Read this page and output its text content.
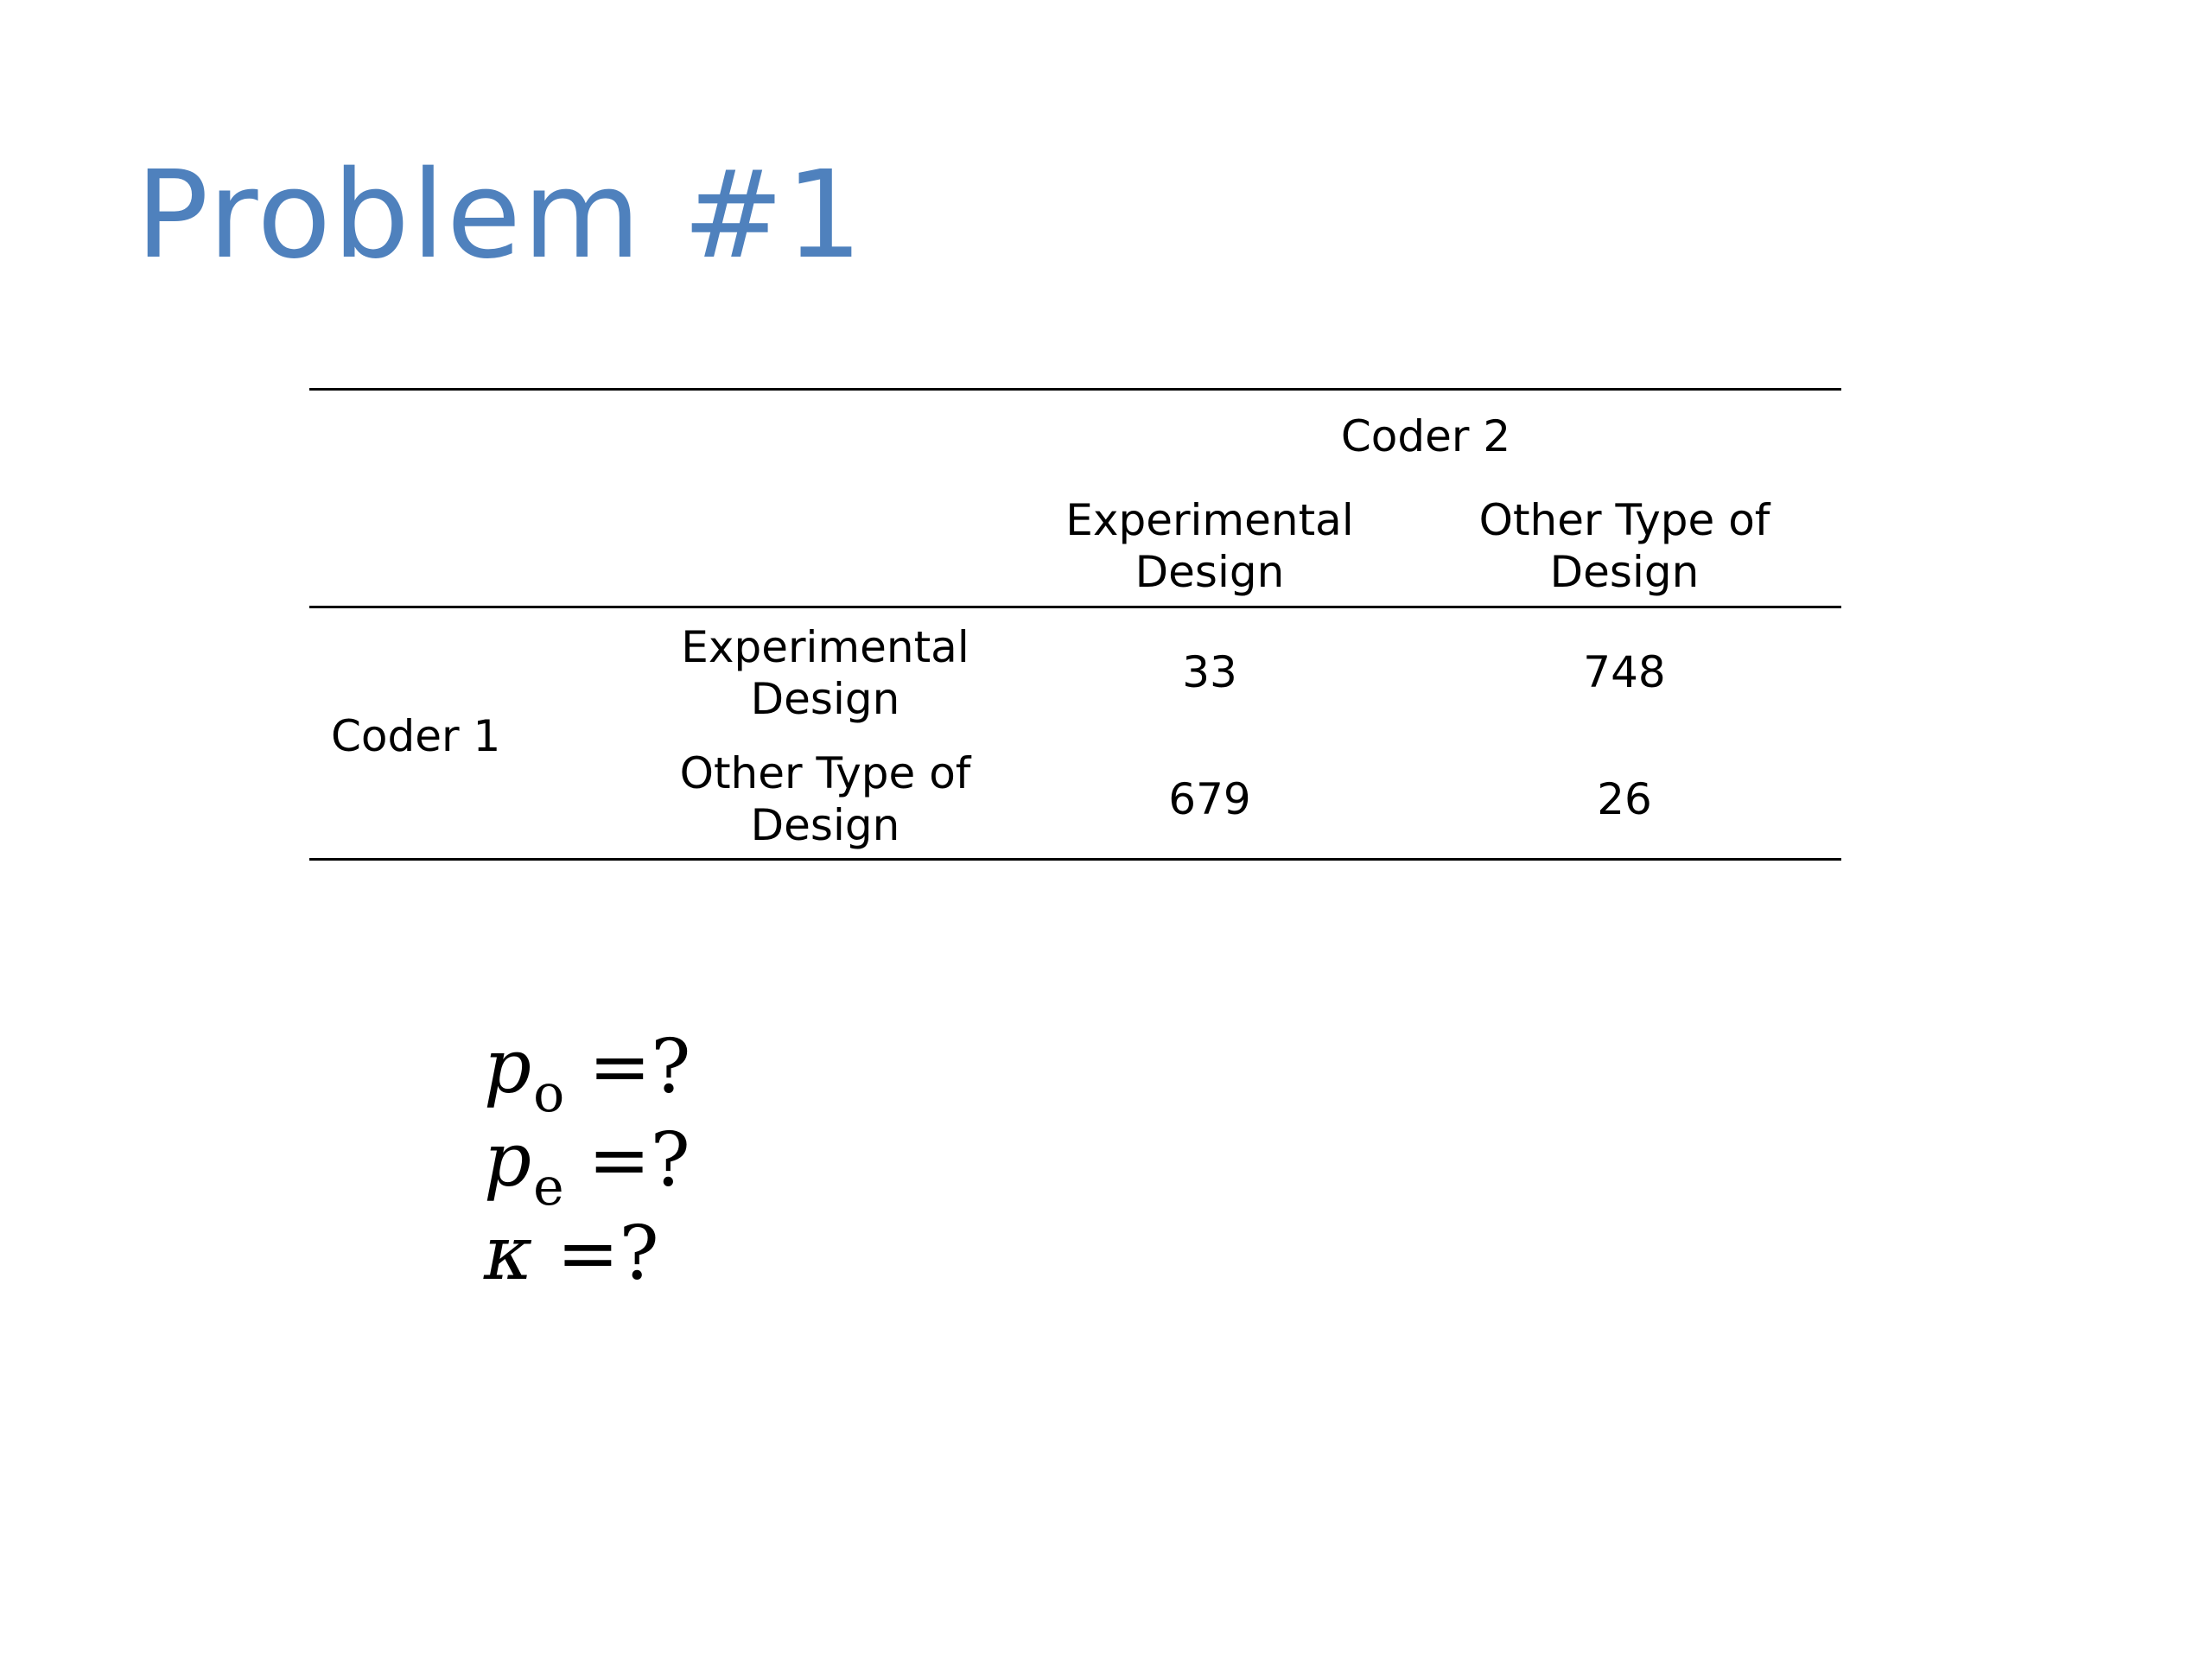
Problem #1
Coder 2
Experimental
Design
Other Type of
Design
Coder 1
Experimental
Design
Other Type of
Design
33	748
679	26
$p_o$ =?
$p_e$ =?
κ =?
